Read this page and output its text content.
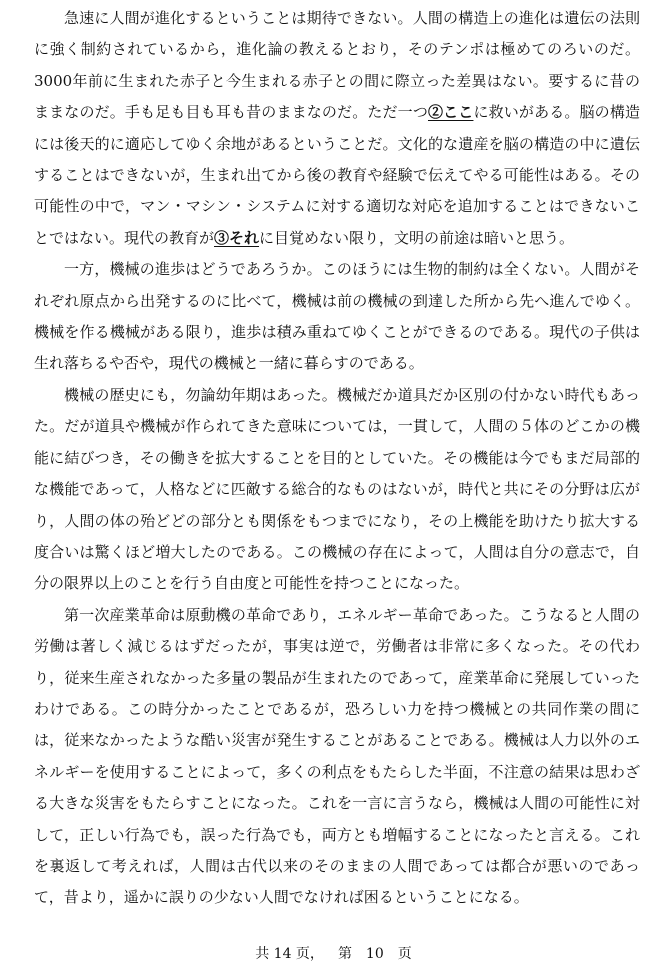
急速に人間が進化するということは期待できない。人間の構造上の進化は遺伝の法則に強く制約されているから，進化論の教えるとおり，そのテンポは極めてのろいのだ。3000年前に生まれた赤子と今生まれる赤子との間に際立った差異はない。要するに昔のままなのだ。手も足も目も耳も昔のままなのだ。ただ一つ②ここに救いがある。脳の構造には後天的に適応してゆく余地があるということだ。文化的な遺産を脳の構造の中に遺伝することはできないが，生まれ出てから後の教育や経験で伝えてやる可能性はある。その可能性の中で，マン・マシン・システムに対する適切な対応を追加することはできないことではない。現代の教育が③それに目覚めない限り，文明の前途は暗いと思う。

一方，機械の進歩はどうであろうか。このほうには生物的制約は全くない。人間がそれぞれ原点から出発するのに比べて，機械は前の機械の到達した所から先へ進んでゆく。機械を作る機械がある限り，進歩は積み重ねてゆくことができるのである。現代の子供は生れ落ちるや否や，現代の機械と一緒に暮らすのである。

機械の歴史にも，勿論幼年期はあった。機械だか道具だか区別の付かない時代もあった。だが道具や機械が作られてきた意味については，一貫して，人間の５体のどこかの機能に結びつき，その働きを拡大することを目的としていた。その機能は今でもまだ局部的な機能であって，人格などに匹敵する総合的なものはないが，時代と共にその分野は広がり，人間の体の殆どどの部分とも関係をもつまでになり，その上機能を助けたり拡大する度合いは驚くほど増大したのである。この機械の存在によって，人間は自分の意志で，自分の限界以上のことを行う自由度と可能性を持つことになった。

第一次産業革命は原動機の革命であり，エネルギー革命であった。こうなると人間の労働は著しく減じるはずだったが，事実は逆で，労働者は非常に多くなった。その代わり，従来生産されなかった多量の製品が生まれたのであって，産業革命に発展していったわけである。この時分かったことであるが，恐ろしい力を持つ機械との共同作業の間には，従来なかったような酷い災害が発生することがあることである。機械は人力以外のエネルギーを使用することによって，多くの利点をもたらした半面，不注意の結果は思わざる大きな災害をもたらすことになった。これを一言に言うなら，機械は人間の可能性に対して，正しい行為でも，誤った行為でも，両方とも増幅することになったと言える。これを裏返して考えれば，人間は古代以来のそのままの人間であっては都合が悪いのであって，昔より，遥かに誤りの少ない人間でなければ困るということになる。

共 14 页， 第　10　页
